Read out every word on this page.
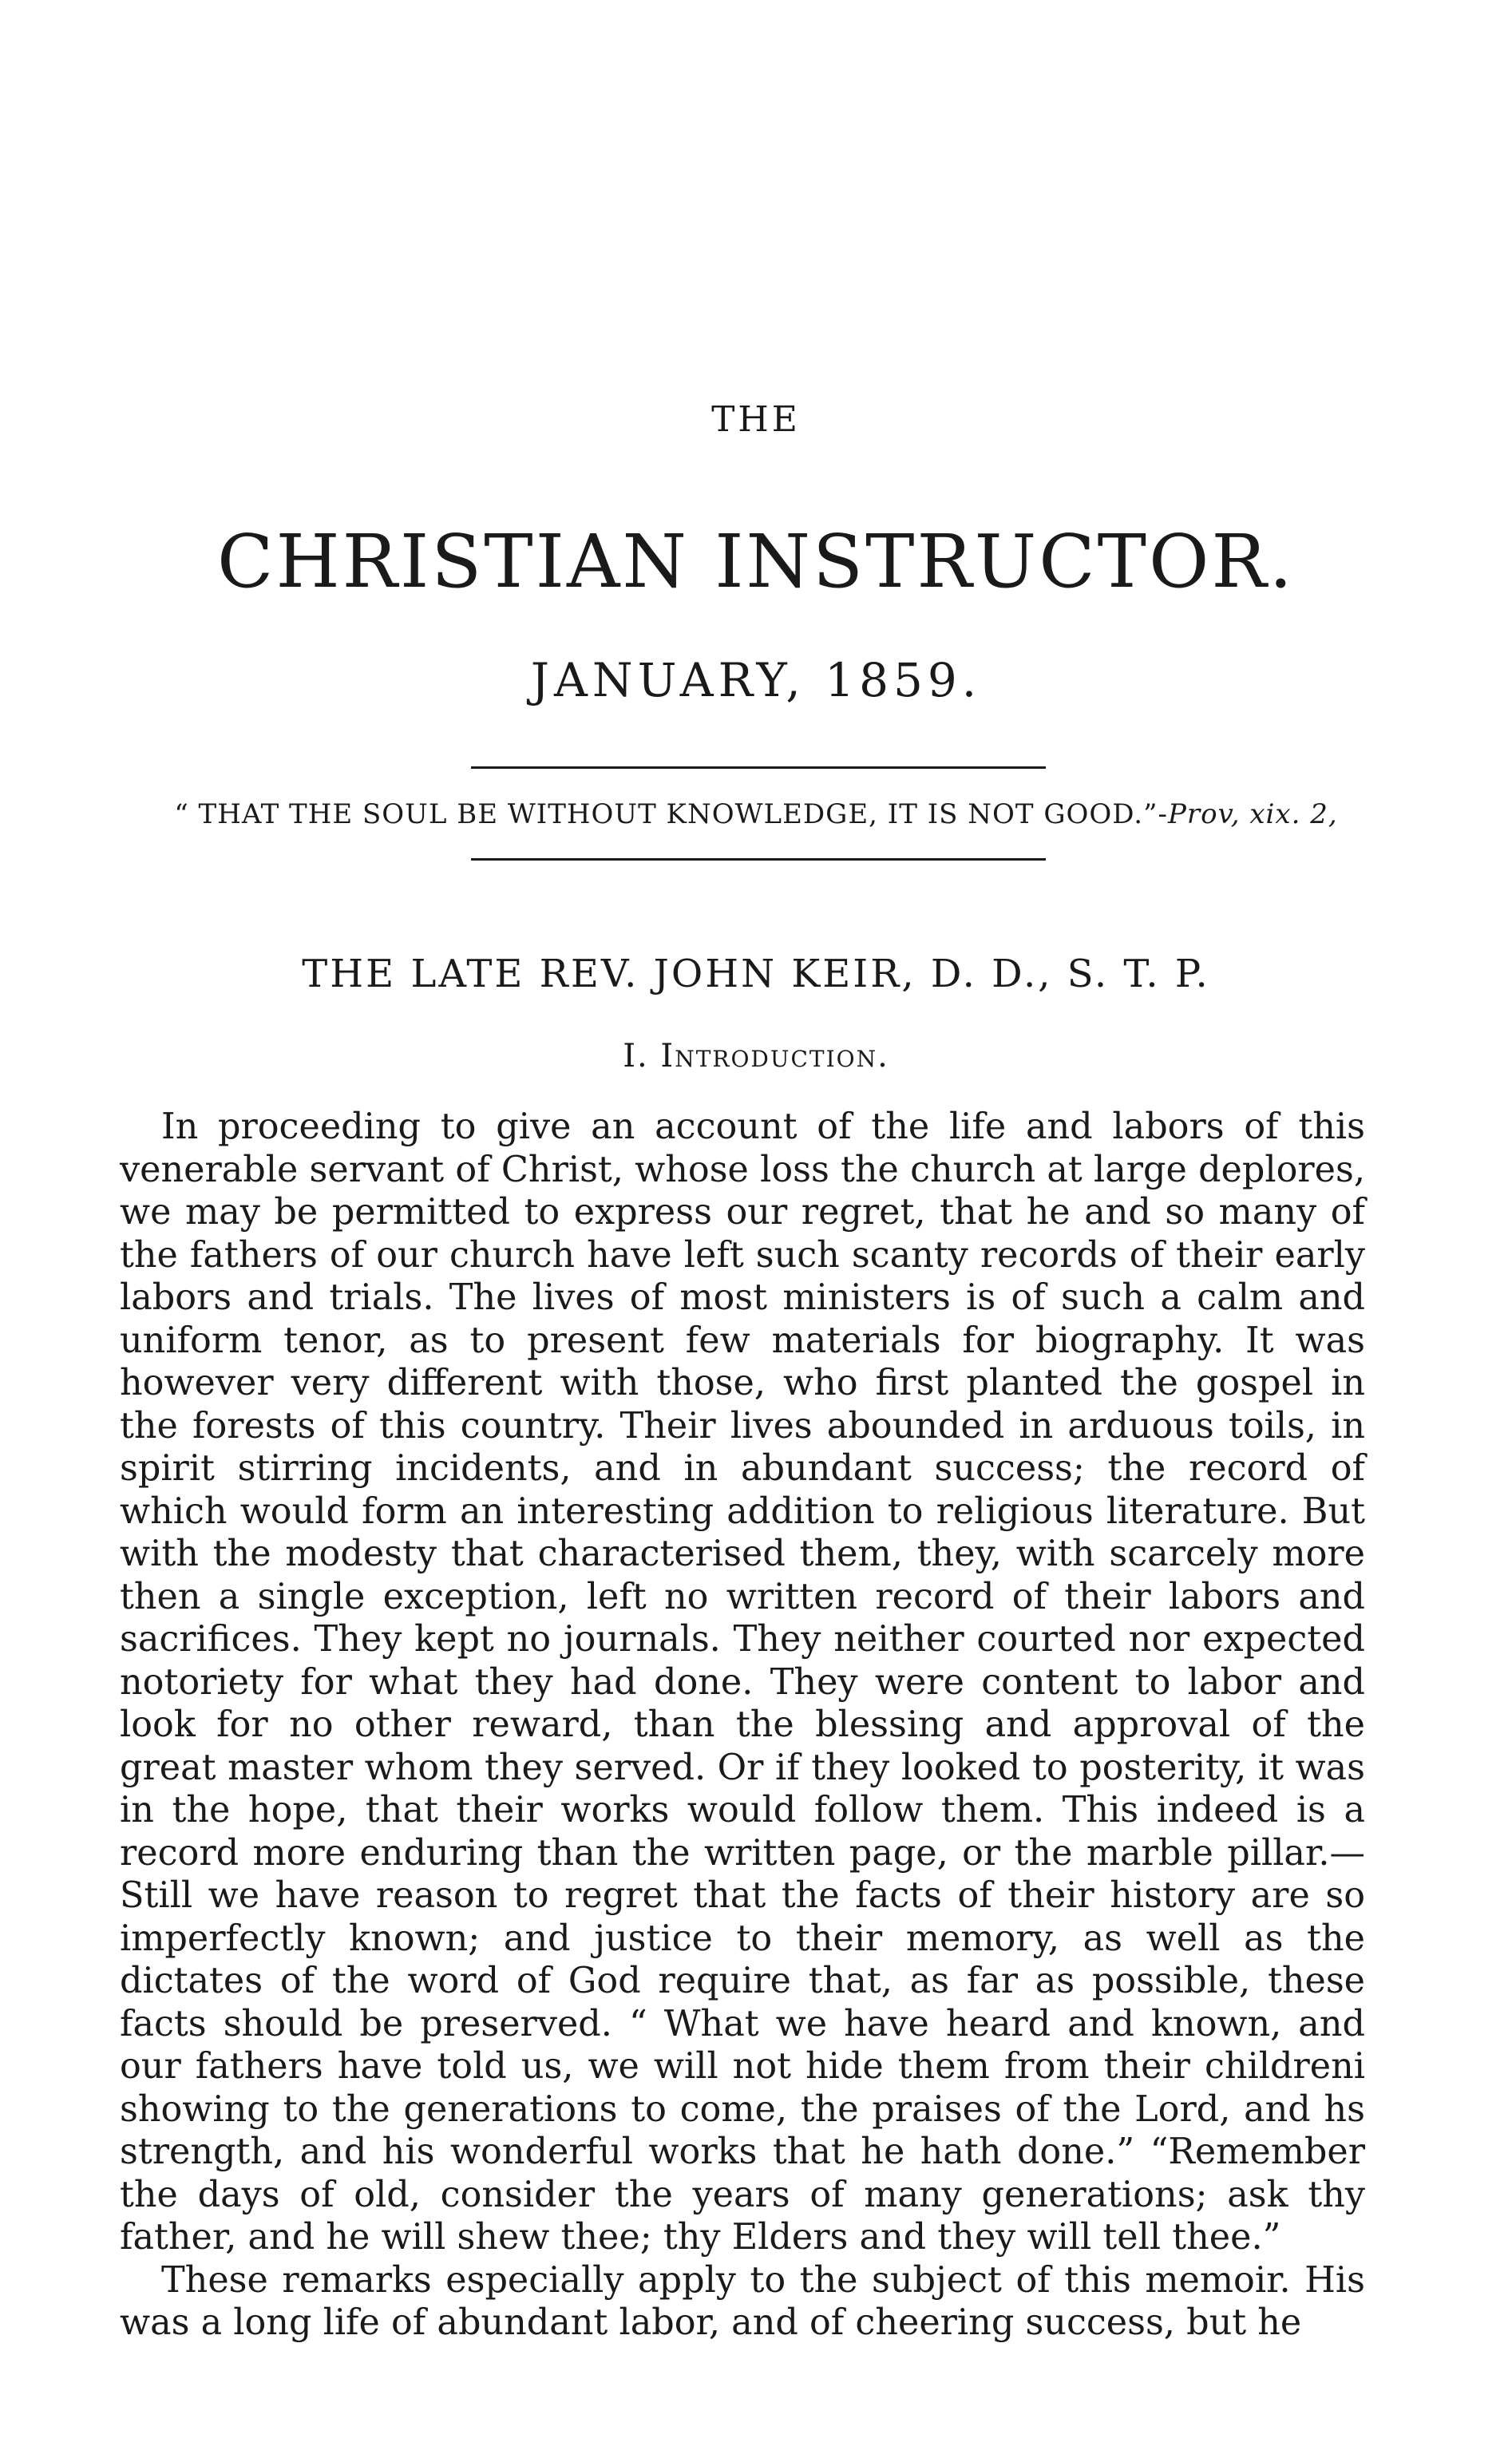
THE
CHRISTIAN INSTRUCTOR.
JANUARY, 1859.
“ THAT THE SOUL BE WITHOUT KNOWLEDGE, IT IS NOT GOOD.”-Prov, xix. 2,
THE LATE REV. JOHN KEIR, D. D., S. T. P.
I. Introduction.

In proceeding to give an account of the life and labors of this venerable servant of Christ, whose loss the church at large deplores, we may be permitted to express our regret, that he and so many of the fathers of our church have left such scanty records of their early labors and trials. The lives of most ministers is of such a calm and uniform tenor, as to present few materials for biography. It was however very different with those, who first planted the gospel in the forests of this country. Their lives abounded in arduous toils, in spirit stirring incidents, and in abundant success; the record of which would form an interesting addition to religious literature. But with the modesty that characterised them, they, with scarcely more then a single exception, left no written record of their labors and sacrifices. They kept no journals. They neither courted nor expected notoriety for what they had done. They were content to labor and look for no other reward, than the blessing and approval of the great master whom they served. Or if they looked to posterity, it was in the hope, that their works would follow them. This indeed is a record more enduring than the written page, or the marble pillar.—Still we have reason to regret that the facts of their history are so imperfectly known; and justice to their memory, as well as the dictates of the word of God require that, as far as possible, these facts should be preserved. “ What we have heard and known, and our fathers have told us, we will not hide them from their childreni showing to the generations to come, the praises of the Lord, and hs strength, and his wonderful works that he hath done.” “Remember the days of old, consider the years of many generations; ask thy father, and he will shew thee; thy Elders and they will tell thee.”

These remarks especially apply to the subject of this memoir. His was a long life of abundant labor, and of cheering success, but he
